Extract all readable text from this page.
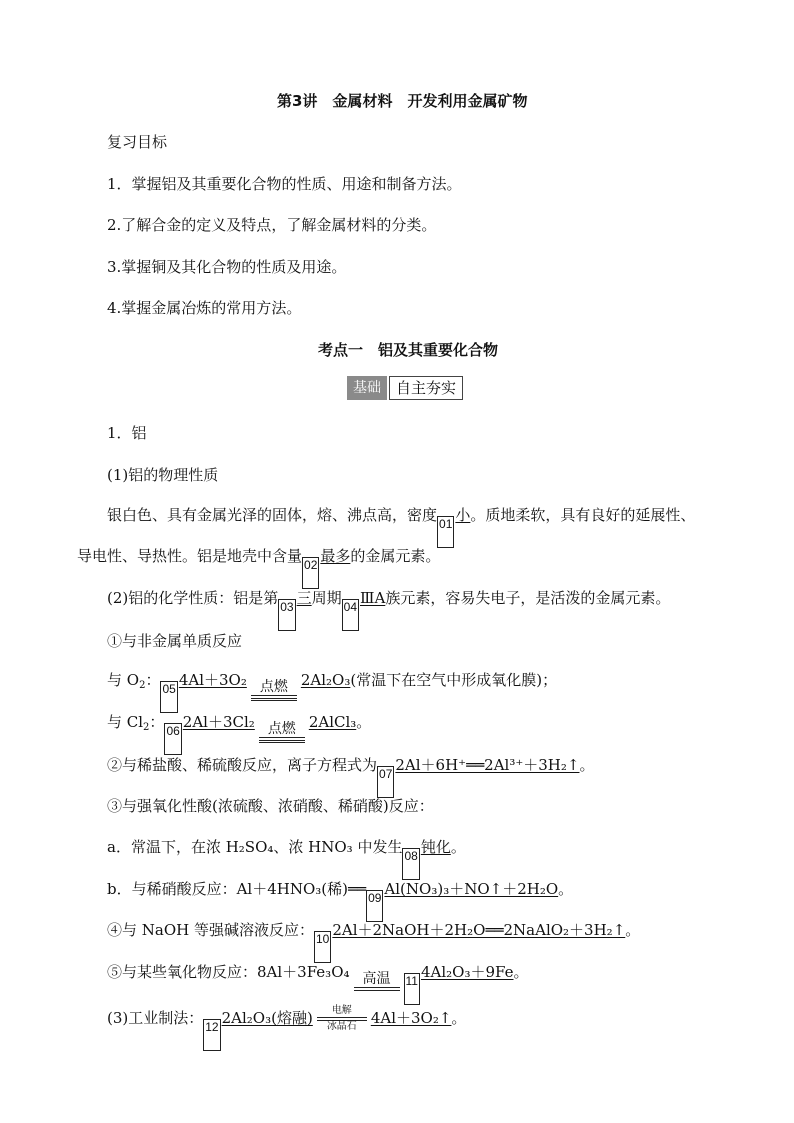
第3讲　金属材料　开发利用金属矿物
复习目标
1．掌握铝及其重要化合物的性质、用途和制备方法。
2.了解合金的定义及特点，了解金属材料的分类。
3.掌握铜及其化合物的性质及用途。
4.掌握金属冶炼的常用方法。
考点一　铝及其重要化合物
基础	自主夯实
1．铝
(1)铝的物理性质
银白色、具有金属光泽的固体，熔、沸点高，密度 01 小。质地柔软，具有良好的延展性、
导电性、导热性。铝是地壳中含量 02 最多的金属元素。
(2)铝的化学性质：铝是第 03 三周期 04 ⅢA族元素，容易失电子，是活泼的金属元素。
①与非金属单质反应
与 $O_2$： 05 4Al＋3O₂ 点燃 2Al₂O₃(常温下在空气中形成氧化膜)；
与 $Cl_2$： 06 2Al＋3Cl₂ 点燃 2AlCl₃。
②与稀盐酸、稀硫酸反应，离子方程式为 07 2Al＋6H⁺══2Al³⁺＋3H₂↑。
③与强氧化性酸(浓硫酸、浓硝酸、稀硝酸)反应：
a．常温下，在浓 H₂SO₄、浓 HNO₃ 中发生 08 钝化。
b．与稀硝酸反应：Al＋4HNO₃(稀)══ 09 Al(NO₃)₃＋NO↑＋2H₂O。
④与 NaOH 等强碱溶液反应： 10 2Al＋2NaOH＋2H₂O══2NaAlO₂＋3H₂↑。
⑤与某些氧化物反应：8Al＋3Fe₃O₄ 高温	11 4Al₂O₃＋9Fe。
(3)工业制法： 12 2Al₂O₃(熔融)	电解
冰晶石 4Al＋3O₂↑。
